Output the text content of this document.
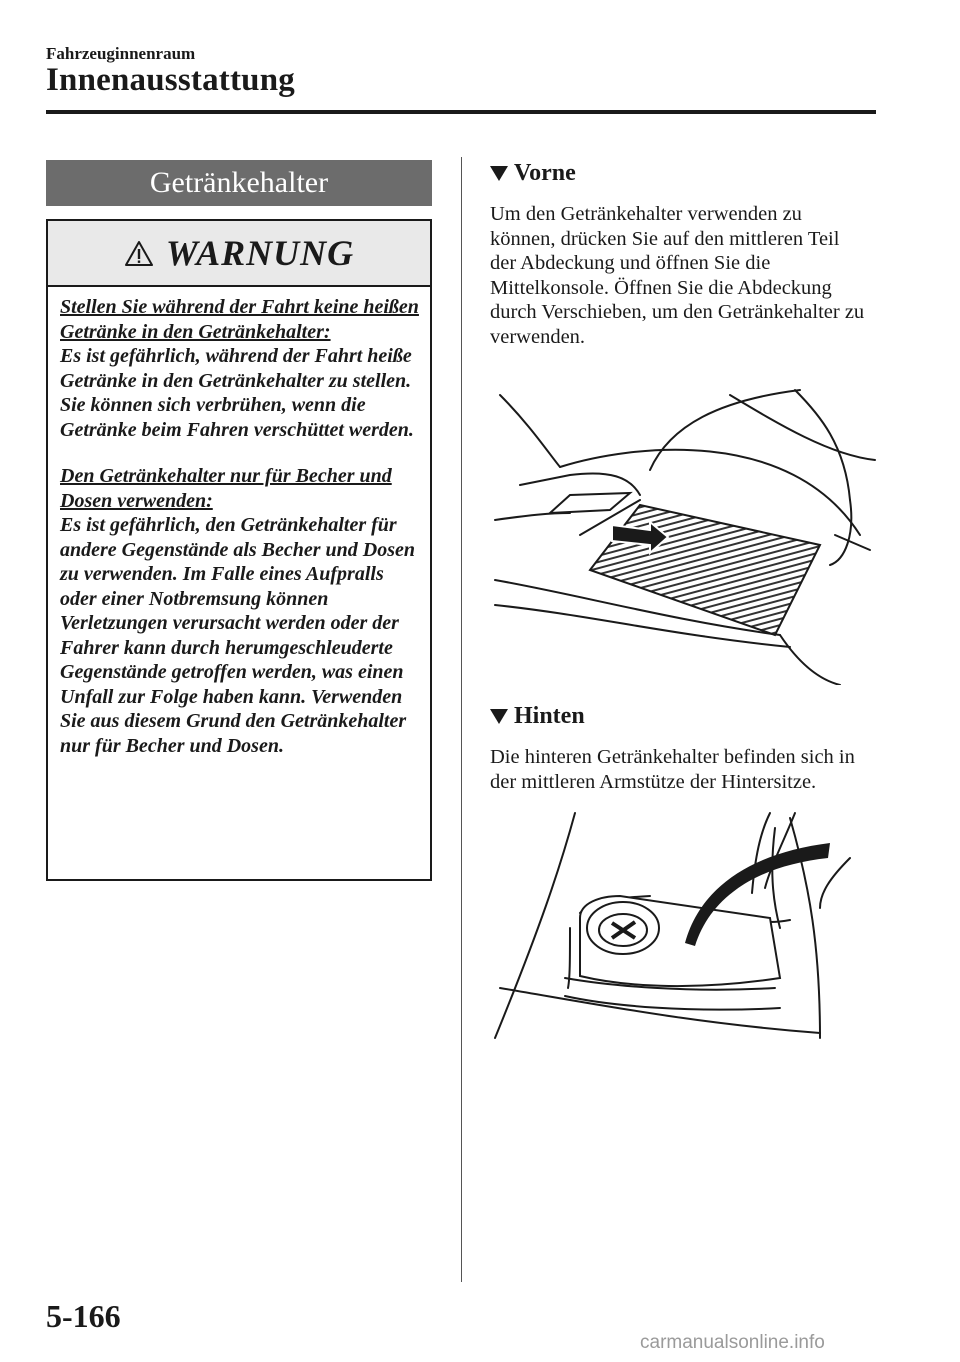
Fahrzeuginnenraum
Innenausstattung
Getränkehalter
WARNUNG

Stellen Sie während der Fahrt keine heißen Getränke in den Getränkehalter:

Es ist gefährlich, während der Fahrt heiße Getränke in den Getränkehalter zu stellen. Sie können sich verbrühen, wenn die Getränke beim Fahren verschüttet werden.

Den Getränkehalter nur für Becher und Dosen verwenden:

Es ist gefährlich, den Getränkehalter für andere Gegenstände als Becher und Dosen zu verwenden. Im Falle eines Aufpralls oder einer Notbremsung können Verletzungen verursacht werden oder der Fahrer kann durch herumgeschleuderte Gegenstände getroffen werden, was einen Unfall zur Folge haben kann. Verwenden Sie aus diesem Grund den Getränkehalter nur für Becher und Dosen.

Vorne

Um den Getränkehalter verwenden zu können, drücken Sie auf den mittleren Teil der Abdeckung und öffnen Sie die Mittelkonsole. Öffnen Sie die Abdeckung durch Verschieben, um den Getränkehalter zu verwenden.

Hinten

Die hinteren Getränkehalter befinden sich in der mittleren Armstütze der Hintersitze.

5-166
carmanualsonline.info
